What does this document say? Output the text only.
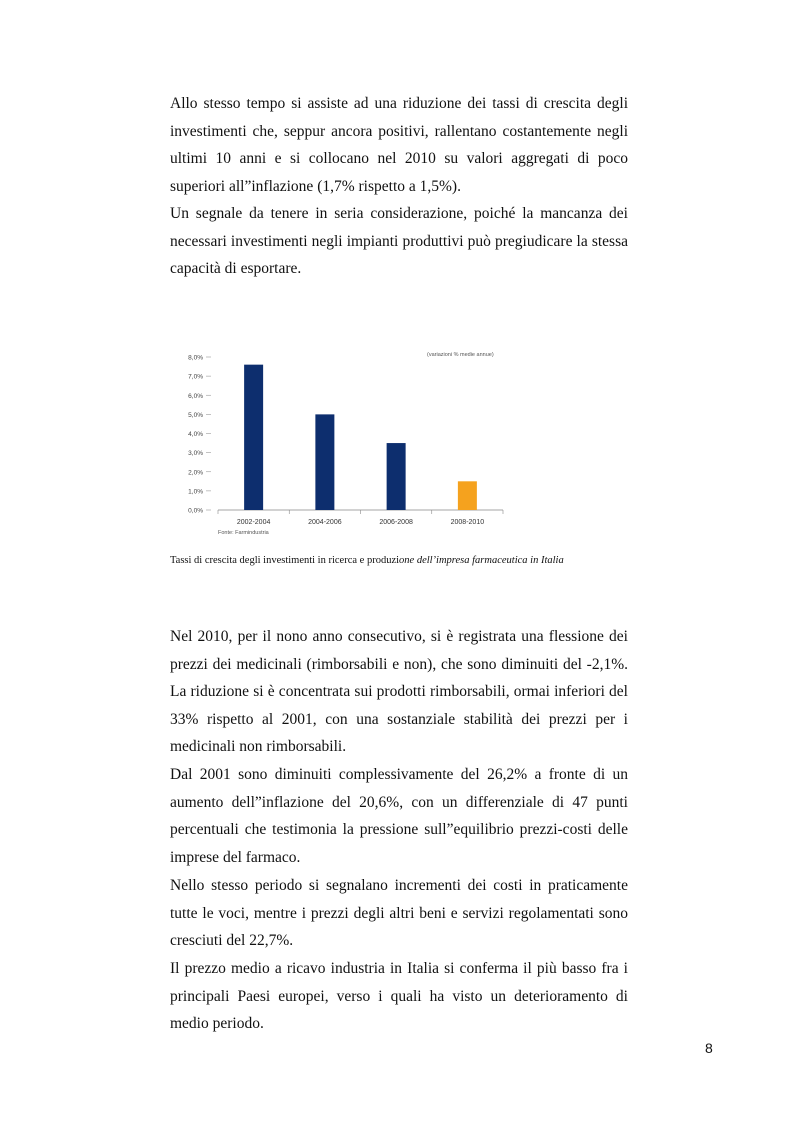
Allo stesso tempo si assiste ad una riduzione dei tassi di crescita degli investimenti che, seppur ancora positivi, rallentano costantemente negli ultimi 10 anni e si collocano nel 2010 su valori aggregati di poco superiori all”inflazione (1,7% rispetto a 1,5%).

Un segnale da tenere in seria considerazione, poiché la mancanza dei necessari investimenti negli impianti produttivi può pregiudicare la stessa capacità di esportare.

0,0%
1,0%
2,0%
3,0%
4,0%
5,0%
6,0%
7,0%
8,0%
2002-2004	2004-2006	2006-2008	2008-2010
(variazioni % medie annue)
Fonte: Farmindustria
Tassi di crescita degli investimenti in ricerca e produzione dell’impresa farmaceutica in Italia

Nel 2010, per il nono anno consecutivo, si è registrata una flessione dei prezzi dei medicinali (rimborsabili e non), che sono diminuiti del -2,1%. La riduzione si è concentrata sui prodotti rimborsabili, ormai inferiori del 33% rispetto al 2001, con una sostanziale stabilità dei prezzi per i medicinali non rimborsabili.

Dal 2001 sono diminuiti complessivamente del 26,2% a fronte di un aumento dell”inflazione del 20,6%, con un differenziale di 47 punti percentuali che testimonia la pressione sull”equilibrio prezzi-costi delle imprese del farmaco.

Nello stesso periodo si segnalano incrementi dei costi in praticamente tutte le voci, mentre i prezzi degli altri beni e servizi regolamentati sono cresciuti del 22,7%.

Il prezzo medio a ricavo industria in Italia si conferma il più basso fra i principali Paesi europei, verso i quali ha visto un deterioramento di medio periodo.

8
